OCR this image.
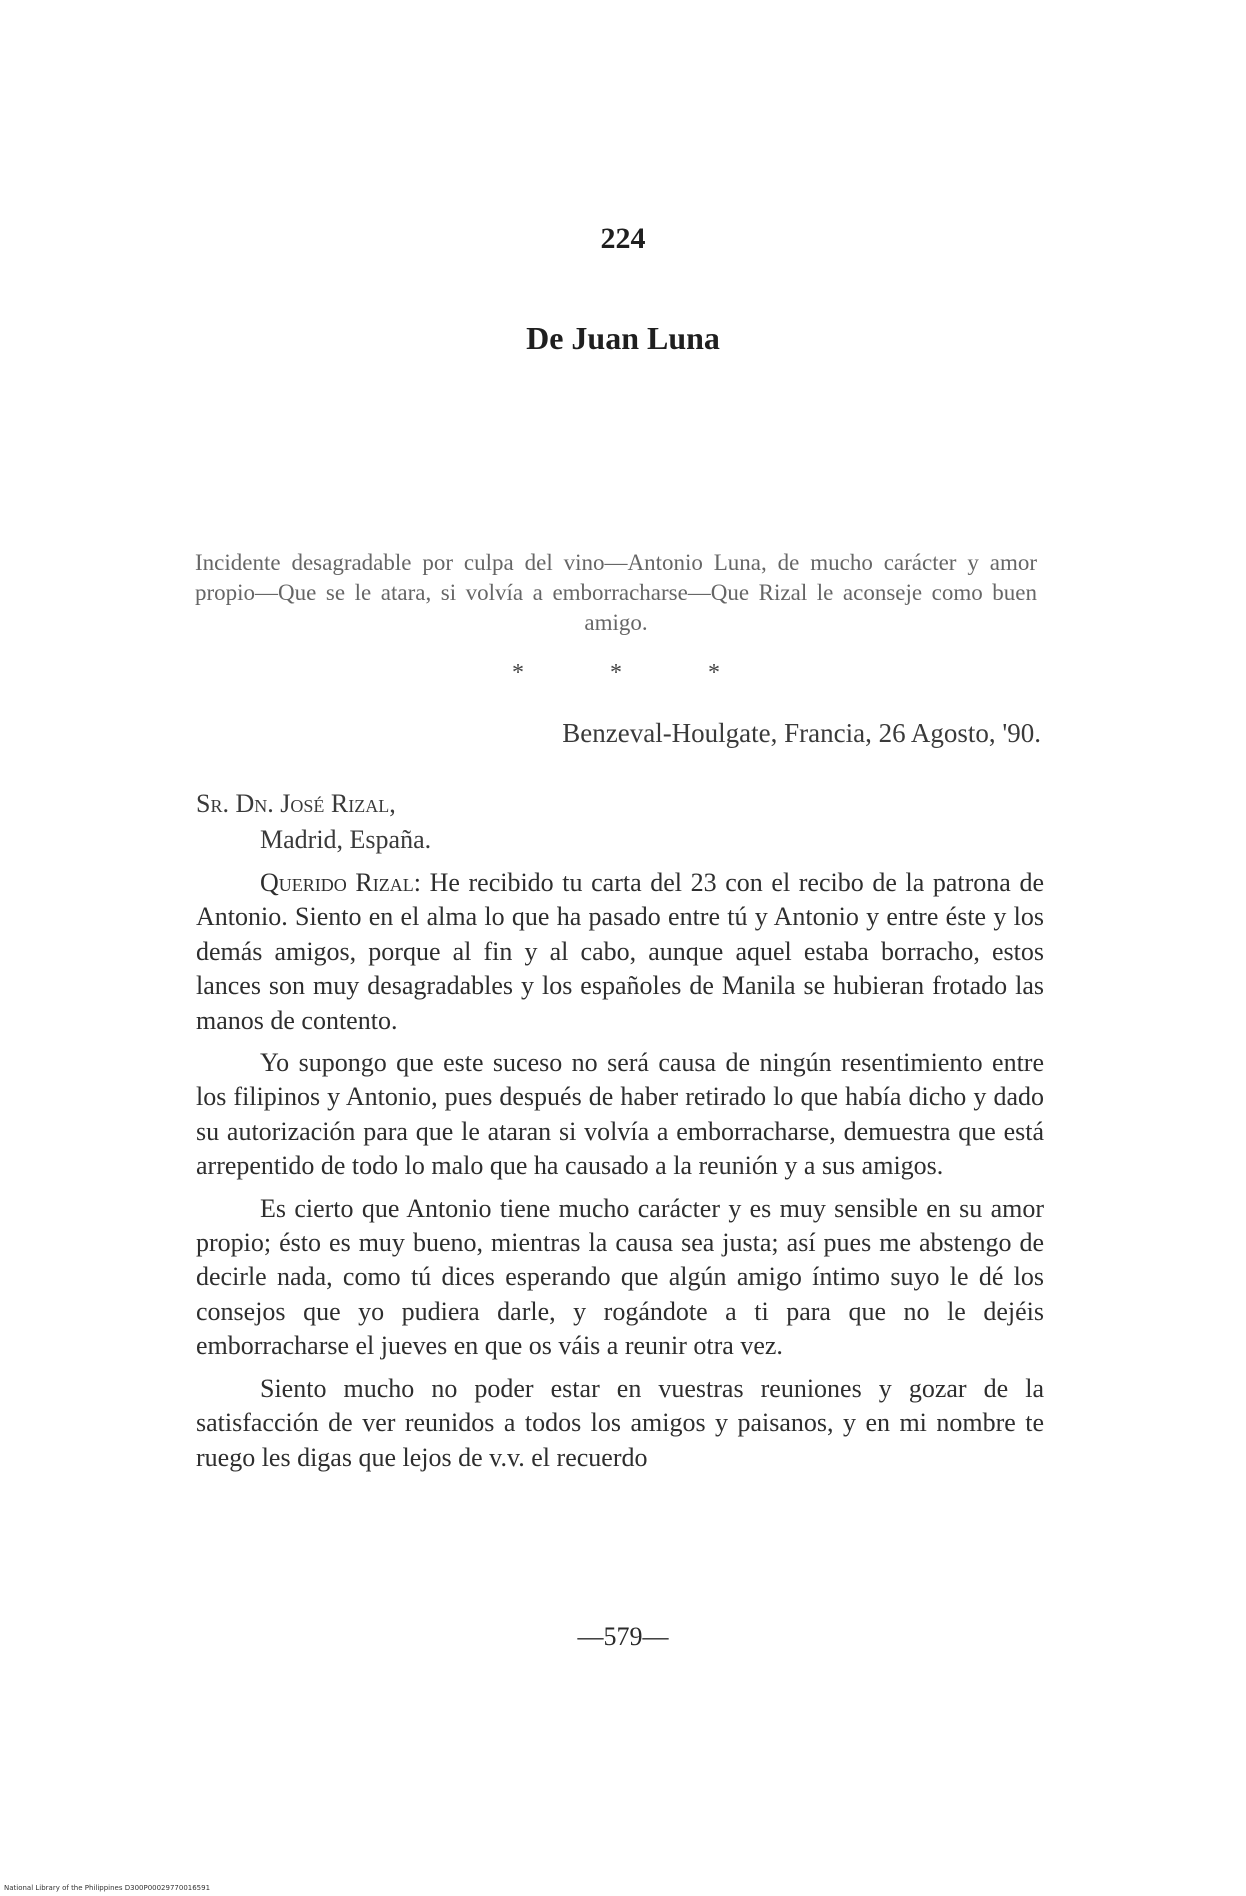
224
De Juan Luna
Incidente desagradable por culpa del vino—Antonio Luna, de mucho carácter y amor propio—Que se le atara, si volvía a emborracharse—Que Rizal le aconseje como buen amigo.
* * *
Benzeval-Houlgate, Francia, 26 Agosto, '90.
Sr. Dn. José Rizal,
Madrid, España.

Querido Rizal: He recibido tu carta del 23 con el recibo de la patrona de Antonio. Siento en el alma lo que ha pasado entre tú y Antonio y entre éste y los demás amigos, porque al fin y al cabo, aunque aquel estaba borracho, estos lances son muy desagradables y los españoles de Manila se hubieran frotado las manos de contento.

Yo supongo que este suceso no será causa de ningún resentimiento entre los filipinos y Antonio, pues después de haber retirado lo que había dicho y dado su autorización para que le ataran si volvía a emborracharse, demuestra que está arrepentido de todo lo malo que ha causado a la reunión y a sus amigos.

Es cierto que Antonio tiene mucho carácter y es muy sensible en su amor propio; ésto es muy bueno, mientras la causa sea justa; así pues me abstengo de decirle nada, como tú dices esperando que algún amigo íntimo suyo le dé los consejos que yo pudiera darle, y rogándote a ti para que no le dejéis emborracharse el jueves en que os váis a reunir otra vez.

Siento mucho no poder estar en vuestras reuniones y gozar de la satisfacción de ver reunidos a todos los amigos y paisanos, y en mi nombre te ruego les digas que lejos de v.v. el recuerdo

—579—
National Library of the Philippines D300P00029770016591
